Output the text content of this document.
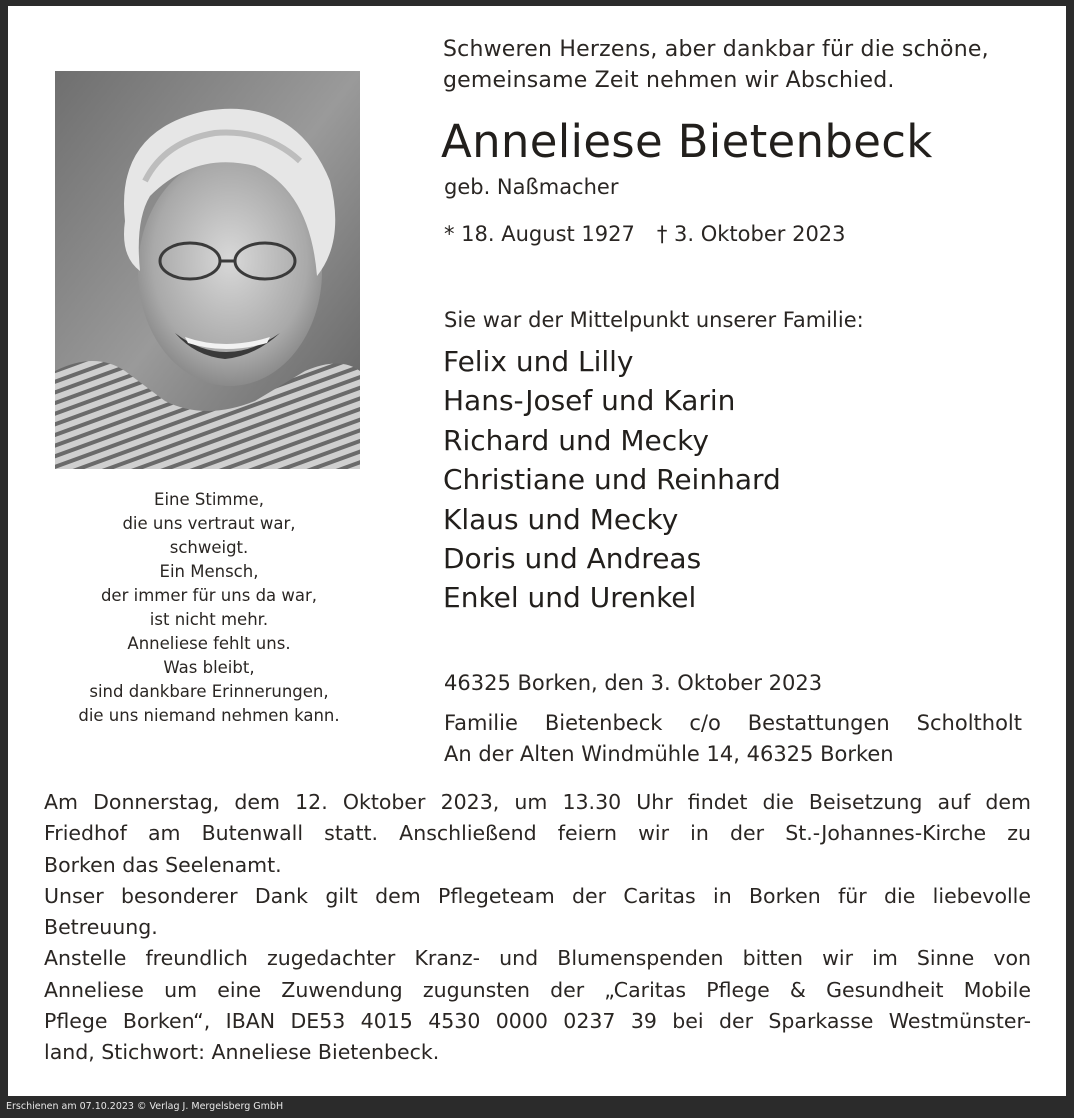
Eine Stimme,
die uns vertraut war,
schweigt.
Ein Mensch,
der immer für uns da war,
ist nicht mehr.
Anneliese fehlt uns.
Was bleibt,
sind dankbare Erinnerungen,
die uns niemand nehmen kann.
Schweren Herzens, aber dankbar für die schöne,
gemeinsame Zeit nehmen wir Abschied.
Anneliese Bietenbeck
geb. Naßmacher
* 18. August 1927 † 3. Oktober 2023
Sie war der Mittelpunkt unserer Familie:
Felix und Lilly
Hans-Josef und Karin
Richard und Mecky
Christiane und Reinhard
Klaus und Mecky
Doris und Andreas
Enkel und Urenkel
46325 Borken, den 3. Oktober 2023
Familie Bietenbeck c/o Bestattungen Scholtholt
An der Alten Windmühle 14, 46325 Borken
Am Donnerstag, dem 12. Oktober 2023, um 13.30 Uhr findet die Beisetzung auf dem
Friedhof am Butenwall statt. Anschließend feiern wir in der St.-Johannes-Kirche zu
Borken das Seelenamt.
Unser besonderer Dank gilt dem Pflegeteam der Caritas in Borken für die liebevolle
Betreuung.
Anstelle freundlich zugedachter Kranz- und Blumenspenden bitten wir im Sinne von
Anneliese um eine Zuwendung zugunsten der „Caritas Pflege & Gesundheit Mobile
Pflege Borken“, IBAN DE53 4015 4530 0000 0237 39 bei der Sparkasse Westmünster-
land, Stichwort: Anneliese Bietenbeck.
Erschienen am 07.10.2023 © Verlag J. Mergelsberg GmbH
